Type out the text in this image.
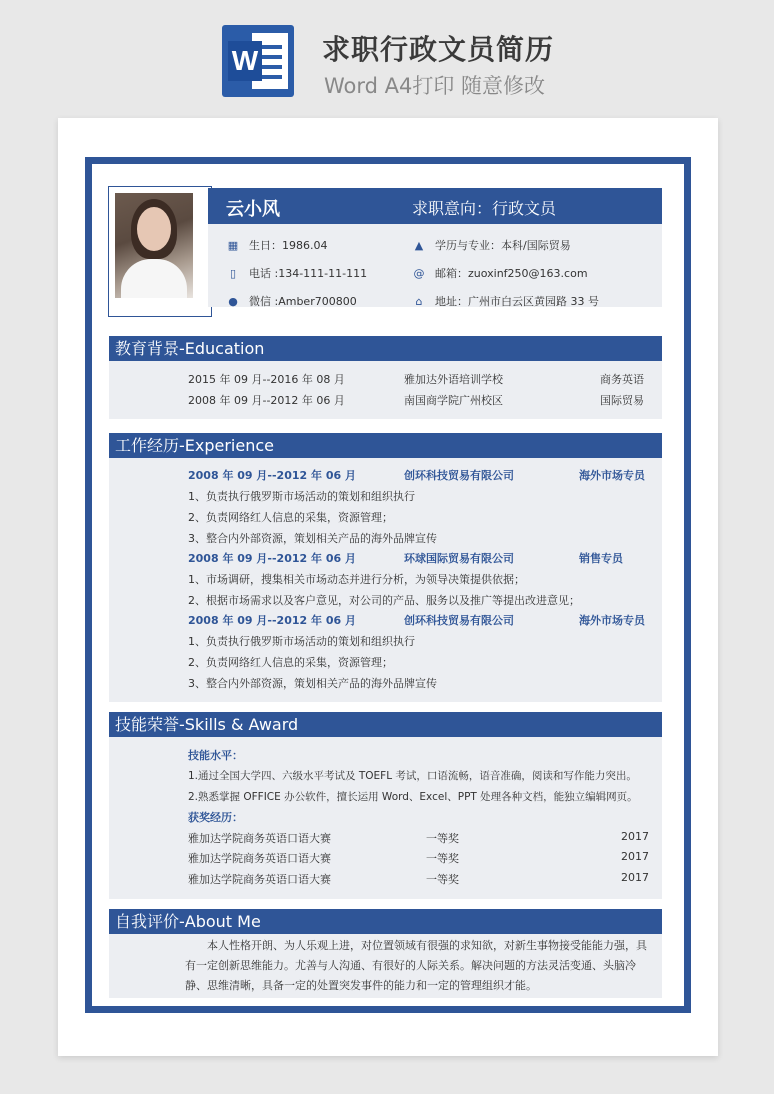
W 求职行政文员简历
Word A4打印 随意修改
云小风	求职意向：行政文员
▦ 生日：1986.04	▲ 学历与专业：本科/国际贸易
▯	电话 :134-111-11-111	@ 邮箱：zuoxinf250@163.com
● 微信 :Amber700800	⌂	地址：广州市白云区黄园路 33 号
教育背景-Education
2015 年 09 月--2016 年 08 月	雅加达外语培训学校	商务英语
2008 年 09 月--2012 年 06 月	南国商学院广州校区	国际贸易
工作经历-Experience
2008 年 09 月--2012 年 06 月	创环科技贸易有限公司	海外市场专员
1、负责执行俄罗斯市场活动的策划和组织执行
2、负责网络红人信息的采集，资源管理；
3、整合内外部资源，策划相关产品的海外品牌宣传
2008 年 09 月--2012 年 06 月	环球国际贸易有限公司	销售专员
1、市场调研，搜集相关市场动态并进行分析，为领导决策提供依据；
2、根据市场需求以及客户意见，对公司的产品、服务以及推广等提出改进意见；
2008 年 09 月--2012 年 06 月	创环科技贸易有限公司	海外市场专员
1、负责执行俄罗斯市场活动的策划和组织执行
2、负责网络红人信息的采集，资源管理；
3、整合内外部资源，策划相关产品的海外品牌宣传
技能荣誉-Skills & Award
技能水平：
1.通过全国大学四、六级水平考试及 TOEFL 考试，口语流畅，语音准确，阅读和写作能力突出。
2.熟悉掌握 OFFICE 办公软件，擅长运用 Word、Excel、PPT 处理各种文档，能独立编辑网页。
获奖经历：
雅加达学院商务英语口语大赛	一等奖	2017
雅加达学院商务英语口语大赛	一等奖	2017
雅加达学院商务英语口语大赛	一等奖	2017
自我评价-About Me
本人性格开朗、为人乐观上进，对位置领域有很强的求知欲，对新生事物接受能能力强，具有一定创新思维能力。尤善与人沟通、有很好的人际关系。解决问题的方法灵活变通、头脑冷静、思维清晰，具备一定的处置突发事件的能力和一定的管理组织才能。
